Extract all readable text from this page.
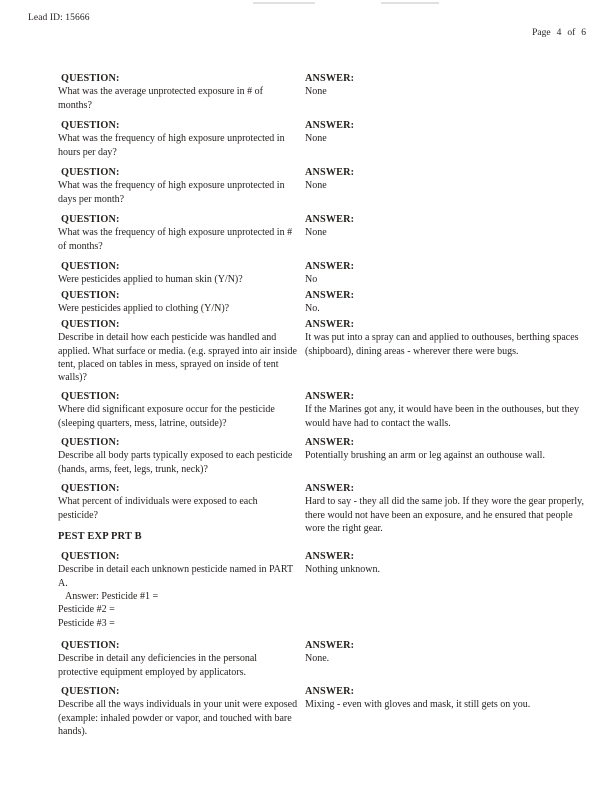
Lead ID: 15666
Page 4 of 6

QUESTION:

What was the average unprotected exposure in # of months?

QUESTION:

What was the frequency of high exposure unprotected in hours per day?

QUESTION:

What was the frequency of high exposure unprotected in days per month?

QUESTION:

What was the frequency of high exposure unprotected in # of months?

QUESTION:

Were pesticides applied to human skin (Y/N)?

QUESTION:

Were pesticides applied to clothing (Y/N)?

QUESTION:

Describe in detail how each pesticide was handled and applied. What surface or media. (e.g. sprayed into air inside tent, placed on tables in mess, sprayed on inside of tent walls)?

QUESTION:

Where did significant exposure occur for the pesticide (sleeping quarters, mess, latrine, outside)?

QUESTION:

Describe all body parts typically exposed to each pesticide (hands, arms, feet, legs, trunk, neck)?

QUESTION:

What percent of individuals were exposed to each pesticide?

PEST EXP PRT B

QUESTION:

Describe in detail each unknown pesticide named in PART A.

Answer: Pesticide #1 =

Pesticide #2 =

Pesticide #3 =

QUESTION:

Describe in detail any deficiencies in the personal protective equipment employed by applicators.

QUESTION:

Describe all the ways individuals in your unit were exposed (example: inhaled powder or vapor, and touched with bare hands).

ANSWER:

None

ANSWER:

None

ANSWER:

None

ANSWER:

None

ANSWER:

No

ANSWER:

No.

ANSWER:

It was put into a spray can and applied to outhouses, berthing spaces (shipboard), dining areas - wherever there were bugs.

ANSWER:

If the Marines got any, it would have been in the outhouses, but they would have had to contact the walls.

ANSWER:

Potentially brushing an arm or leg against an outhouse wall.

ANSWER:

Hard to say - they all did the same job. If they wore the gear properly, there would not have been an exposure, and he ensured that people wore the right gear.

ANSWER:

Nothing unknown.

ANSWER:

None.

ANSWER:

Mixing - even with gloves and mask, it still gets on you.
